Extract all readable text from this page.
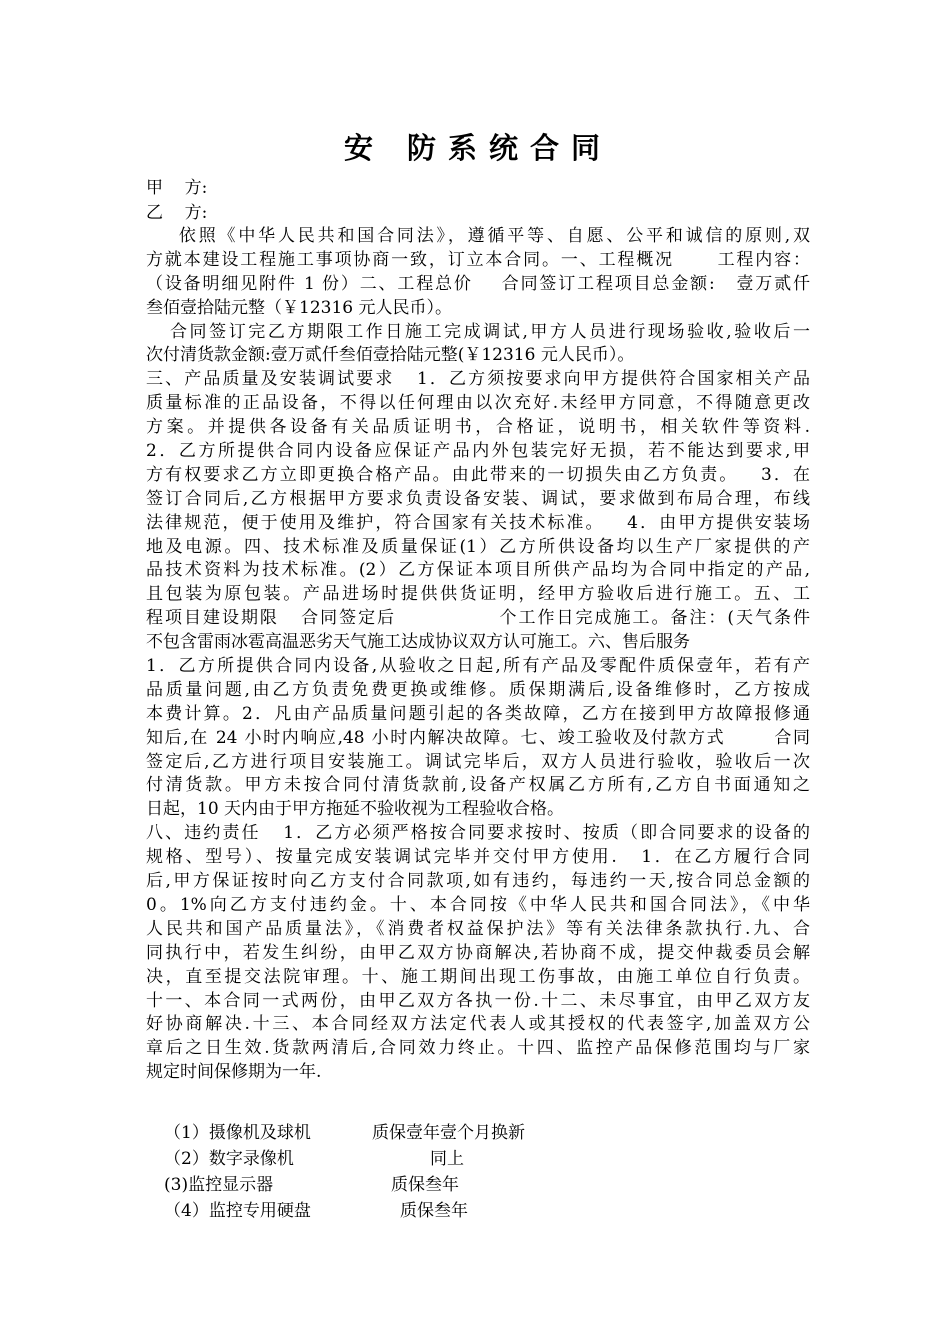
安 防系统合同
甲    方:
乙    方:
依照《中华人民共和国合同法》，遵循平等、自愿、公平和诚信的原则,双
方就本建设工程施工事项协商一致，订立本合同。一、工程概况      工程内容：
（设备明细见附件 1 份）二、工程总价    合同签订工程项目总金额:   壹万贰仟
叁佰壹拾陆元整（￥12316 元人民币）。
合同签订完乙方期限工作日施工完成调试,甲方人员进行现场验收,验收后一
次付清货款金额:壹万贰仟叁佰壹拾陆元整(￥12316 元人民币）。
三、产品质量及安装调试要求   1．乙方须按要求向甲方提供符合国家相关产品
质量标准的正品设备，不得以任何理由以次充好.未经甲方同意，不得随意更改
方案。并提供各设备有关品质证明书，合格证，说明书，相关软件等资料.
2．乙方所提供合同内设备应保证产品内外包装完好无损，若不能达到要求,甲
方有权要求乙方立即更换合格产品。由此带来的一切损失由乙方负责。   3．在
签订合同后,乙方根据甲方要求负责设备安装、调试，要求做到布局合理，布线
法律规范，便于使用及维护，符合国家有关技术标准。   4．由甲方提供安装场
地及电源。四、技术标准及质量保证(1）乙方所供设备均以生产厂家提供的产
品技术资料为技术标准。(2）乙方保证本项目所供产品均为合同中指定的产品,
且包装为原包装。产品进场时提供供货证明，经甲方验收后进行施工。五、工
程项目建设期限   合同签定后              个工作日完成施工。备注：(天气条件
不包含雷雨冰雹高温恶劣天气施工达成协议双方认可施工。六、售后服务
1．乙方所提供合同内设备,从验收之日起,所有产品及零配件质保壹年，若有产
品质量问题,由乙方负责免费更换或维修。质保期满后,设备维修时，乙方按成
本费计算。2．凡由产品质量问题引起的各类故障，乙方在接到甲方故障报修通
知后,在 24 小时内响应,48 小时内解决故障。七、竣工验收及付款方式       合同
签定后,乙方进行项目安装施工。调试完毕后，双方人员进行验收，验收后一次
付清货款。甲方未按合同付清货款前,设备产权属乙方所有,乙方自书面通知之
日起，10 天内由于甲方拖延不验收视为工程验收合格。
八、违约责任   1．乙方必须严格按合同要求按时、按质（即合同要求的设备的
规格、型号）、按量完成安装调试完毕并交付甲方使用.   1．在乙方履行合同
后,甲方保证按时向乙方支付合同款项,如有违约，每违约一天,按合同总金额的
0。1%向乙方支付违约金。十、本合同按《中华人民共和国合同法》，《中华
人民共和国产品质量法》，《消费者权益保护法》等有关法律条款执行.九、合
同执行中，若发生纠纷，由甲乙双方协商解决,若协商不成，提交仲裁委员会解
决，直至提交法院审理。十、施工期间出现工伤事故，由施工单位自行负责。
十一、本合同一式两份，由甲乙双方各执一份.十二、未尽事宜，由甲乙双方友
好协商解决.十三、本合同经双方法定代表人或其授权的代表签字,加盖双方公
章后之日生效.货款两清后,合同效力终止。十四、监控产品保修范围均与厂家
规定时间保修期为一年.
（1）摄像机及球机	质保壹年壹个月换新
（2）数字录像机	同上
(3)监控显示器	质保叁年
（4）监控专用硬盘	质保叁年
